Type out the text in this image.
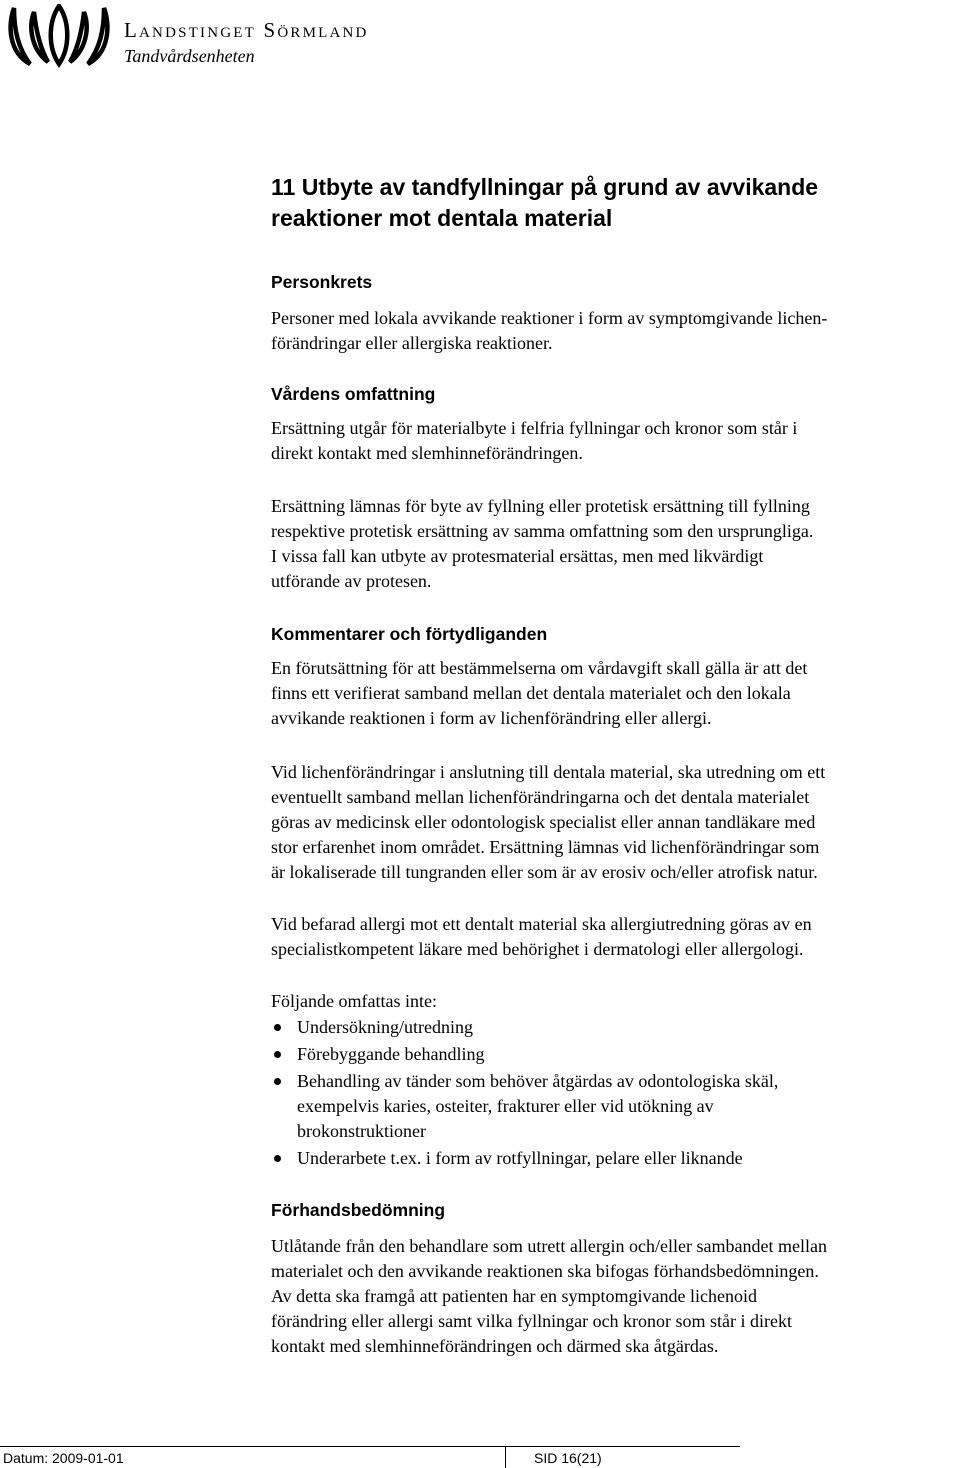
Landstinget Sörmland
Tandvårdsenheten
11 Utbyte av tandfyllningar på grund av avvikande
reaktioner mot dentala material
Personkrets
Personer med lokala avvikande reaktioner i form av symptomgivande lichen-
förändringar eller allergiska reaktioner.
Vårdens omfattning
Ersättning utgår för materialbyte i felfria fyllningar och kronor som står i
direkt kontakt med slemhinneförändringen.
Ersättning lämnas för byte av fyllning eller protetisk ersättning till fyllning
respektive protetisk ersättning av samma omfattning som den ursprungliga.
I vissa fall kan utbyte av protesmaterial ersättas, men med likvärdigt
utförande av protesen.
Kommentarer och förtydliganden
En förutsättning för att bestämmelserna om vårdavgift skall gälla är att det
finns ett verifierat samband mellan det dentala materialet och den lokala
avvikande reaktionen i form av lichenförändring eller allergi.
Vid lichenförändringar i anslutning till dentala material, ska utredning om ett
eventuellt samband mellan lichenförändringarna och det dentala materialet
göras av medicinsk eller odontologisk specialist eller annan tandläkare med
stor erfarenhet inom området. Ersättning lämnas vid lichenförändringar som
är lokaliserade till tungranden eller som är av erosiv och/eller atrofisk natur.
Vid befarad allergi mot ett dentalt material ska allergiutredning göras av en
specialistkompetent läkare med behörighet i dermatologi eller allergologi.
Följande omfattas inte:
Undersökning/utredning
Förebyggande behandling
Behandling av tänder som behöver åtgärdas av odontologiska skäl,
exempelvis karies, osteiter, frakturer eller vid utökning av
brokonstruktioner
Underarbete t.ex. i form av rotfyllningar, pelare eller liknande
Förhandsbedömning
Utlåtande från den behandlare som utrett allergin och/eller sambandet mellan
materialet och den avvikande reaktionen ska bifogas förhandsbedömningen.
Av detta ska framgå att patienten har en symptomgivande lichenoid
förändring eller allergi samt vilka fyllningar och kronor som står i direkt
kontakt med slemhinneförändringen och därmed ska åtgärdas.
Datum: 2009-01-01	SID 16(21)
